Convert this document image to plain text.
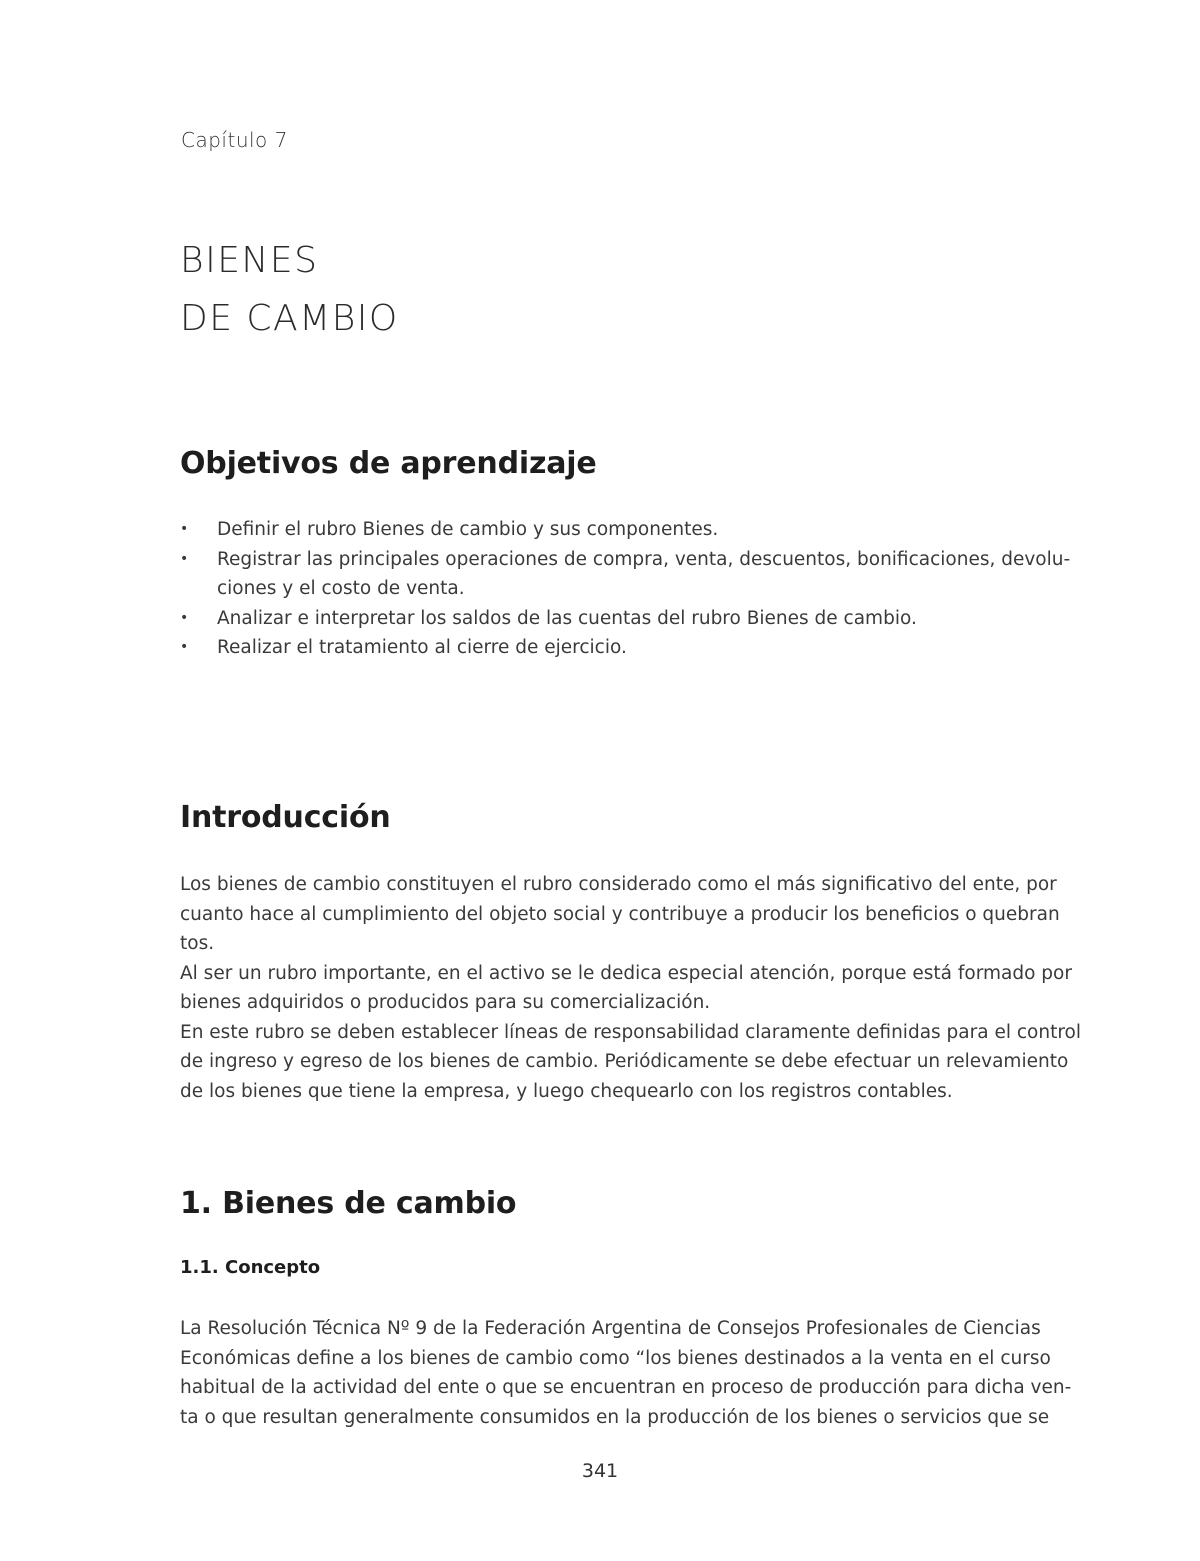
Capítulo 7
BIENES
DE CAMBIO
Objetivos de aprendizaje
• Definir el rubro Bienes de cambio y sus componentes.
• Registrar las principales operaciones de compra, venta, descuentos, bonificaciones, devolu-
ciones y el costo de venta.
• Analizar e interpretar los saldos de las cuentas del rubro Bienes de cambio.
• Realizar el tratamiento al cierre de ejercicio.
Introducción
Los bienes de cambio constituyen el rubro considerado como el más significativo del ente, por
cuanto hace al cumplimiento del objeto social y contribuye a producir los beneficios o quebran
tos.
Al ser un rubro importante, en el activo se le dedica especial atención, porque está formado por
bienes adquiridos o producidos para su comercialización.
En este rubro se deben establecer líneas de responsabilidad claramente definidas para el control
de ingreso y egreso de los bienes de cambio. Periódicamente se debe efectuar un relevamiento
de los bienes que tiene la empresa, y luego chequearlo con los registros contables.
1. Bienes de cambio
1.1. Concepto
La Resolución Técnica Nº 9 de la Federación Argentina de Consejos Profesionales de Ciencias
Económicas define a los bienes de cambio como “los bienes destinados a la venta en el curso
habitual de la actividad del ente o que se encuentran en proceso de producción para dicha ven-
ta o que resultan generalmente consumidos en la producción de los bienes o servicios que se
341
